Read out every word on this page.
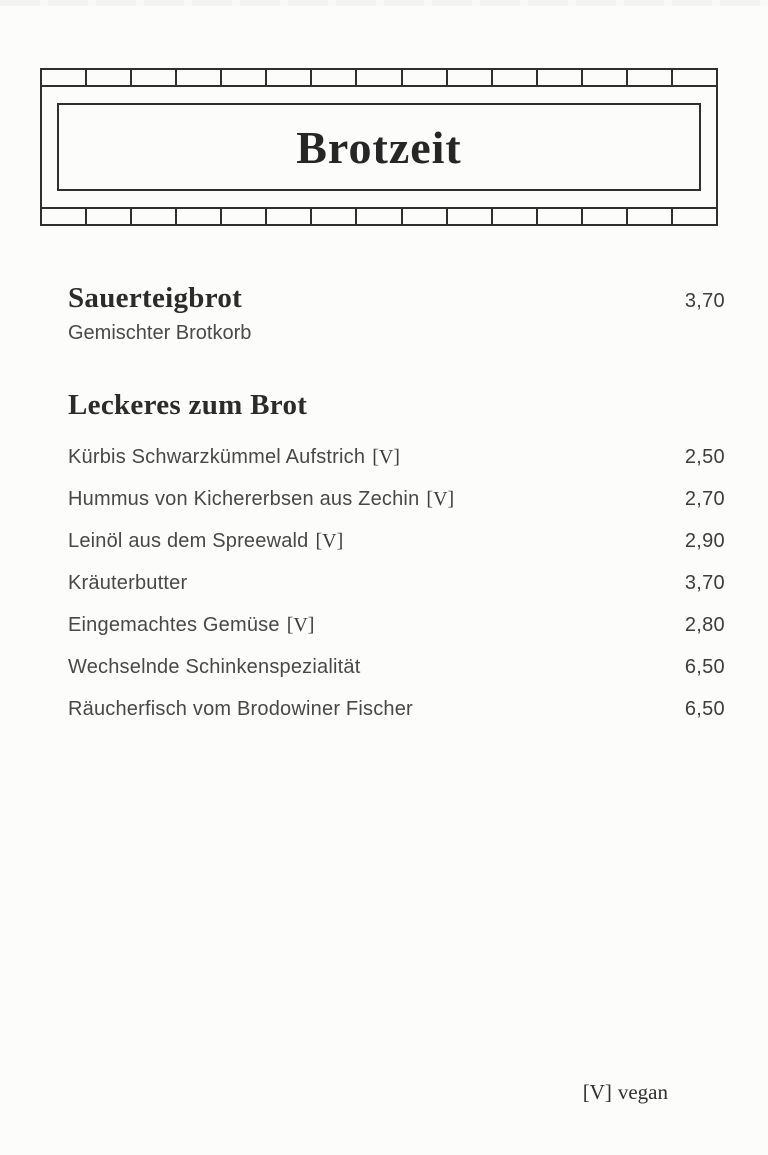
Brotzeit
Sauerteigbrot	3,70
Gemischter Brotkorb
Leckeres zum Brot
Kürbis Schwarzkümmel Aufstrich [V]	2,50
Hummus von Kichererbsen aus Zechin [V]	2,70
Leinöl aus dem Spreewald [V]	2,90
Kräuterbutter	3,70
Eingemachtes Gemüse [V]	2,80
Wechselnde Schinkenspezialität	6,50
Räucherfisch vom Brodowiner Fischer	6,50
[V] vegan
